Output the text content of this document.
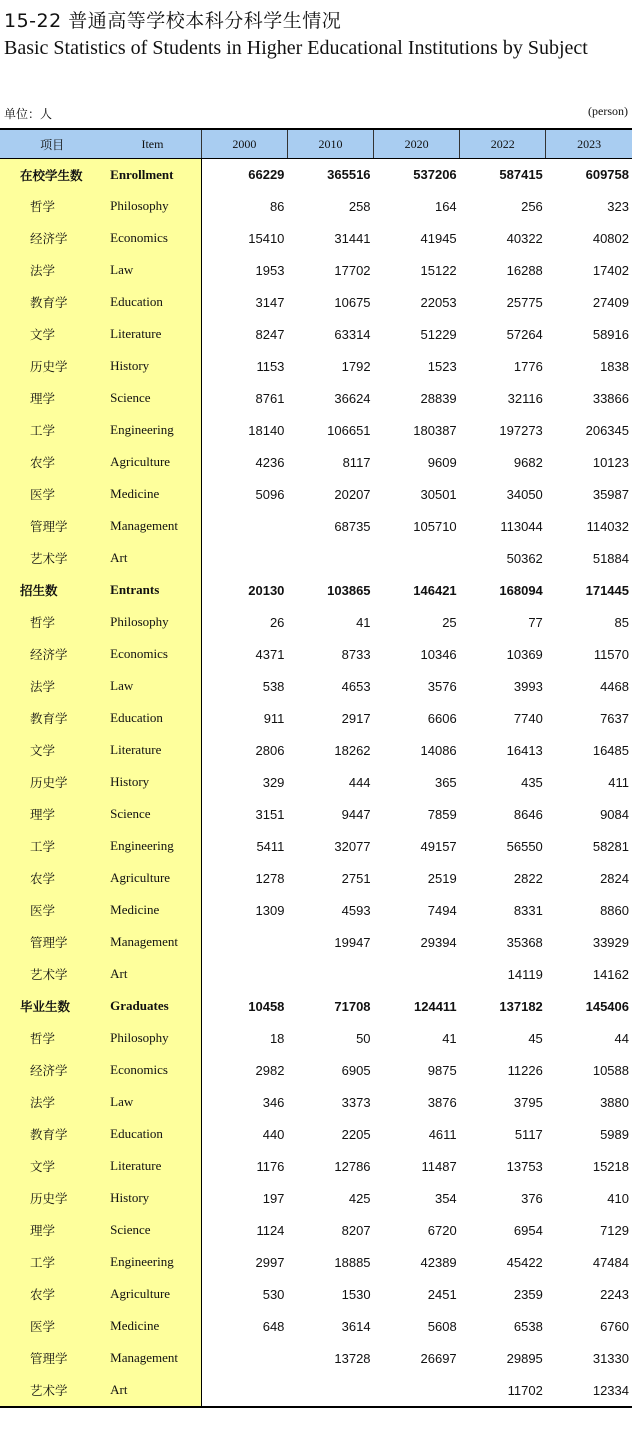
15-22 普通高等学校本科分科学生情况
Basic Statistics of Students in Higher Educational Institutions by Subject
单位：人	(person)
项目	Item	2000	2010	2020	2022	2023
在校学生数	Enrollment	66229	365516	537206	587415	609758
哲学	Philosophy	86	258	164	256	323
经济学	Economics	15410	31441	41945	40322	40802
法学	Law	1953	17702	15122	16288	17402
教育学	Education	3147	10675	22053	25775	27409
文学	Literature	8247	63314	51229	57264	58916
历史学	History	1153	1792	1523	1776	1838
理学	Science	8761	36624	28839	32116	33866
工学	Engineering	18140	106651	180387	197273	206345
农学	Agriculture	4236	8117	9609	9682	10123
医学	Medicine	5096	20207	30501	34050	35987
管理学	Management		68735	105710	113044	114032
艺术学	Art				50362	51884
招生数	Entrants	20130	103865	146421	168094	171445
哲学	Philosophy	26	41	25	77	85
经济学	Economics	4371	8733	10346	10369	11570
法学	Law	538	4653	3576	3993	4468
教育学	Education	911	2917	6606	7740	7637
文学	Literature	2806	18262	14086	16413	16485
历史学	History	329	444	365	435	411
理学	Science	3151	9447	7859	8646	9084
工学	Engineering	5411	32077	49157	56550	58281
农学	Agriculture	1278	2751	2519	2822	2824
医学	Medicine	1309	4593	7494	8331	8860
管理学	Management		19947	29394	35368	33929
艺术学	Art				14119	14162
毕业生数	Graduates	10458	71708	124411	137182	145406
哲学	Philosophy	18	50	41	45	44
经济学	Economics	2982	6905	9875	11226	10588
法学	Law	346	3373	3876	3795	3880
教育学	Education	440	2205	4611	5117	5989
文学	Literature	1176	12786	11487	13753	15218
历史学	History	197	425	354	376	410
理学	Science	1124	8207	6720	6954	7129
工学	Engineering	2997	18885	42389	45422	47484
农学	Agriculture	530	1530	2451	2359	2243
医学	Medicine	648	3614	5608	6538	6760
管理学	Management		13728	26697	29895	31330
艺术学	Art				11702	12334
